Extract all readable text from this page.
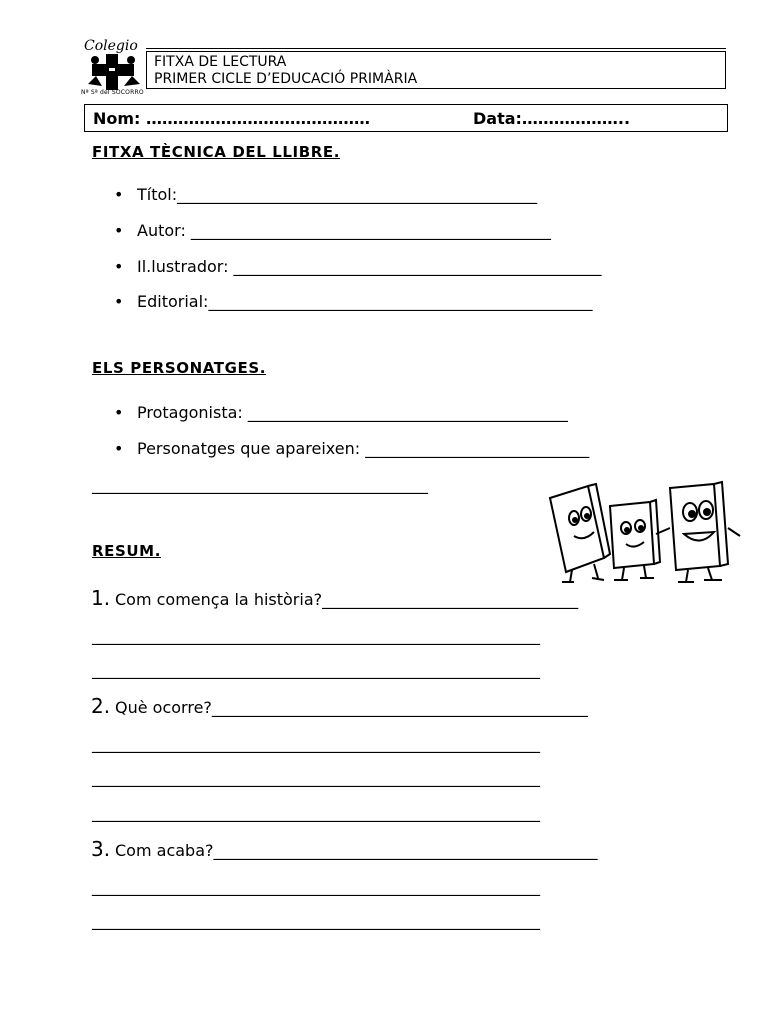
Colegio
Nª Sª del SOCORRO
FITXA DE LECTURA
PRIMER CICLE D’EDUCACIÓ PRIMÀRIA
Nom: ……………………………………	Data:………………..
FITXA TÈCNICA DEL LLIBRE.
• Títol:_____________________________________________
• Autor: _____________________________________________
• Il.lustrador: ______________________________________________
• Editorial:________________________________________________
ELS PERSONATGES.
• Protagonista: ________________________________________
• Personatges que apareixen: ____________________________
__________________________________________
RESUM.
1. Com comença la història?________________________________
________________________________________________________
________________________________________________________
2. Què ocorre?_______________________________________________
________________________________________________________
________________________________________________________
________________________________________________________
3. Com acaba?________________________________________________
________________________________________________________
________________________________________________________
